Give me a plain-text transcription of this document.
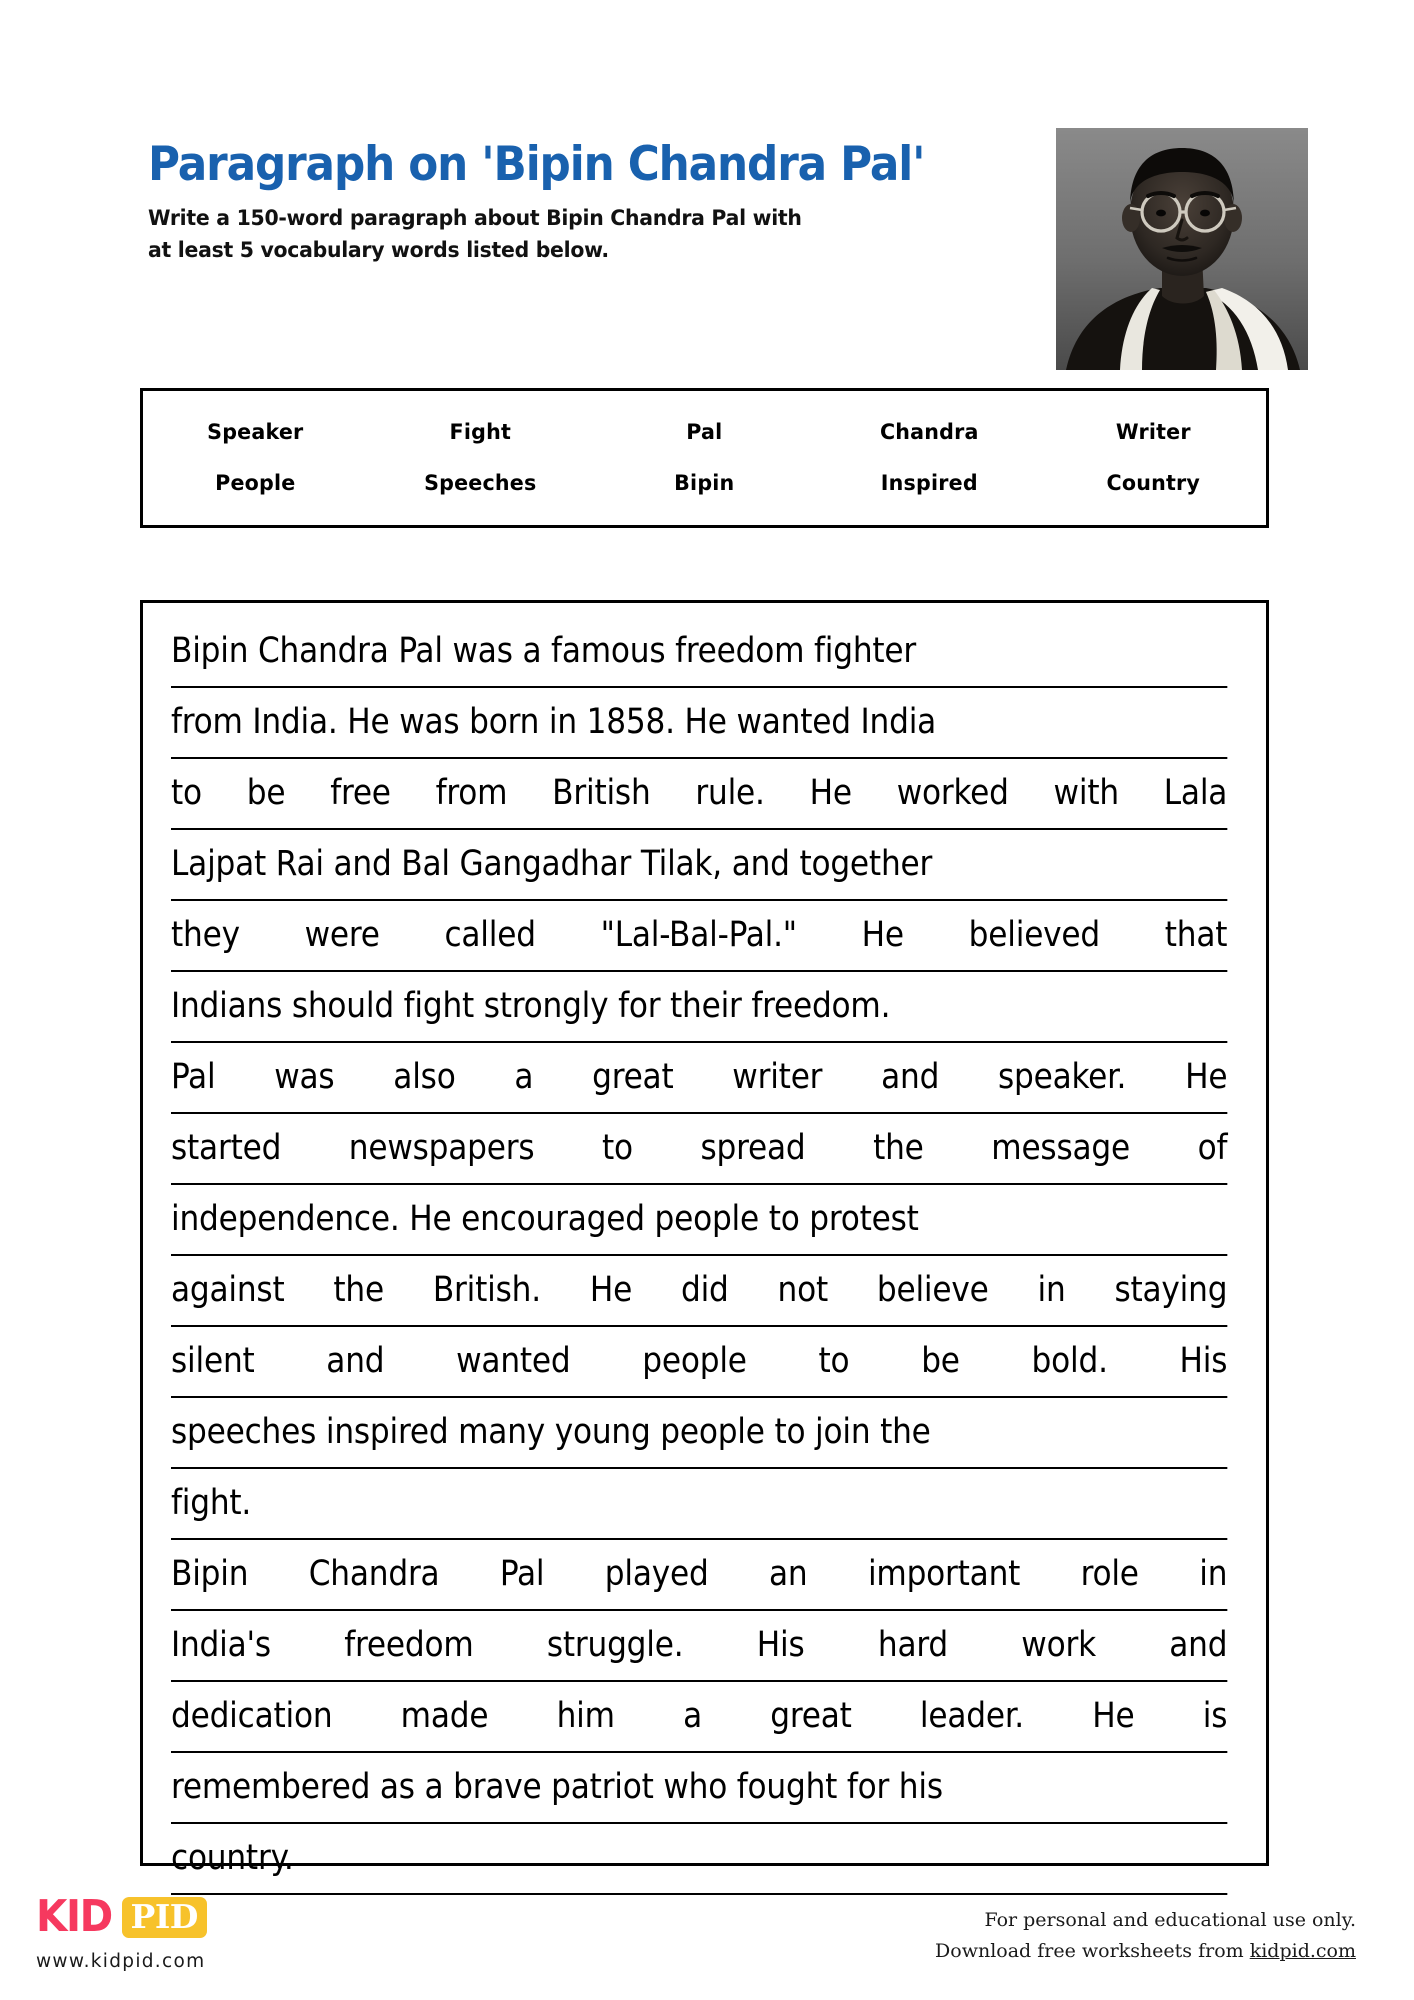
Paragraph on 'Bipin Chandra Pal'
Write a 150-word paragraph about Bipin Chandra Pal with
at least 5 vocabulary words listed below.
Speaker	Fight	Pal	Chandra	Writer
People	Speeches	Bipin	Inspired	Country
Bipin Chandra Pal was a famous freedom fighter
from India. He was born in 1858. He wanted India
to be free from British rule. He worked with Lala
Lajpat Rai and Bal Gangadhar Tilak, and together
they were called "Lal-Bal-Pal." He believed that
Indians should fight strongly for their freedom.
Pal was also a great writer and speaker. He
started newspapers to spread the message of
independence. He encouraged people to protest
against the British. He did not believe in staying
silent and wanted people to be bold. His
speeches inspired many young people to join the
fight.
Bipin Chandra Pal played an important role in
India's freedom struggle. His hard work and
dedication made him a great leader. He is
remembered as a brave patriot who fought for his
country.
KID PID
www.kidpid.com
For personal and educational use only.
Download free worksheets from kidpid.com
